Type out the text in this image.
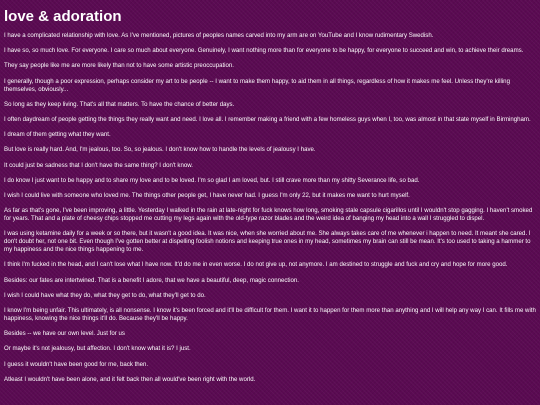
love & adoration

I have a complicated relationship with love. As I've mentioned, pictures of peoples names carved into my arm are on YouTube and I know rudimentary Swedish.

I have so, so much love. For everyone. I care so much about everyone. Genuinely, I want nothing more than for everyone to be happy, for everyone to succeed and win, to achieve their dreams.

They say people like me are more likely than not to have some artistic preoccupation.

I generally, though a poor expression, perhaps consider my art to be people -- I want to make them happy, to aid them in all things, regardless of how it makes me feel. Unless they're killing themselves, obviously...

So long as they keep living. That's all that matters. To have the chance of better days.

I often daydream of people getting the things they really want and need. I love all. I remember making a friend with a few homeless guys when I, too, was almost in that state myself in Birmingham.

I dream of them getting what they want.

But love is really hard. And, I'm jealous, too. So, so jealous. I don't know how to handle the levels of jealousy I have.

It could just be sadness that I don't have the same thing? I don't know.

I do know I just want to be happy and to share my love and to be loved. I'm so glad I am loved, but. I still crave more than my shitty Severance life, so bad.

I wish I could live with someone who loved me. The things other people get, I have never had. I guess I'm only 22, but it makes me want to hurt myself.

As far as that's gone, I've been improving, a little. Yesterday I walked in the rain at late-night for fuck knows how long, smoking stale capsule cigarillos until I wouldn't stop gagging. I haven't smoked for years. That and a plate of cheesy chips stopped me cutting my legs again with the old-type razor blades and the weird idea of banging my head into a wall I struggled to dispel.

I was using ketamine daily for a week or so there, but it wasn't a good idea. It was nice, when she worried about me. She always takes care of me whenever i happen to need. It meant she cared. I don't doubt her, not one bit. Even though I've gotten better at dispelling foolish notions and keeping true ones in my head, sometimes my brain can still be mean. It's too used to taking a hammer to my happiness and the nice things happening to me.

I think I'm fucked in the head, and I can't lose what I have now. It'd do me in even worse. I do not give up, not anymore. I am destined to struggle and fuck and cry and hope for more good.

Besides: our fates are intertwined. That is a benefit I adore, that we have a beautiful, deep, magic connection.

I wish I could have what they do, what they get to do, what they'll get to do.

I know I'm being unfair. This ultimately, is all nonsense. I know it's been forced and it'll be difficult for them. I want it to happen for them more than anything and I will help any way I can. It fills me with happiness, knowing the nice things it'll do. Because they'll be happy.

Besides -- we have our own level. Just for us

Or maybe it's not jealousy, but affection. I don't know what it is? I just.

I guess it wouldn't have been good for me, back then.

Atleast I wouldn't have been alone, and it felt back then all would've been right with the world.
